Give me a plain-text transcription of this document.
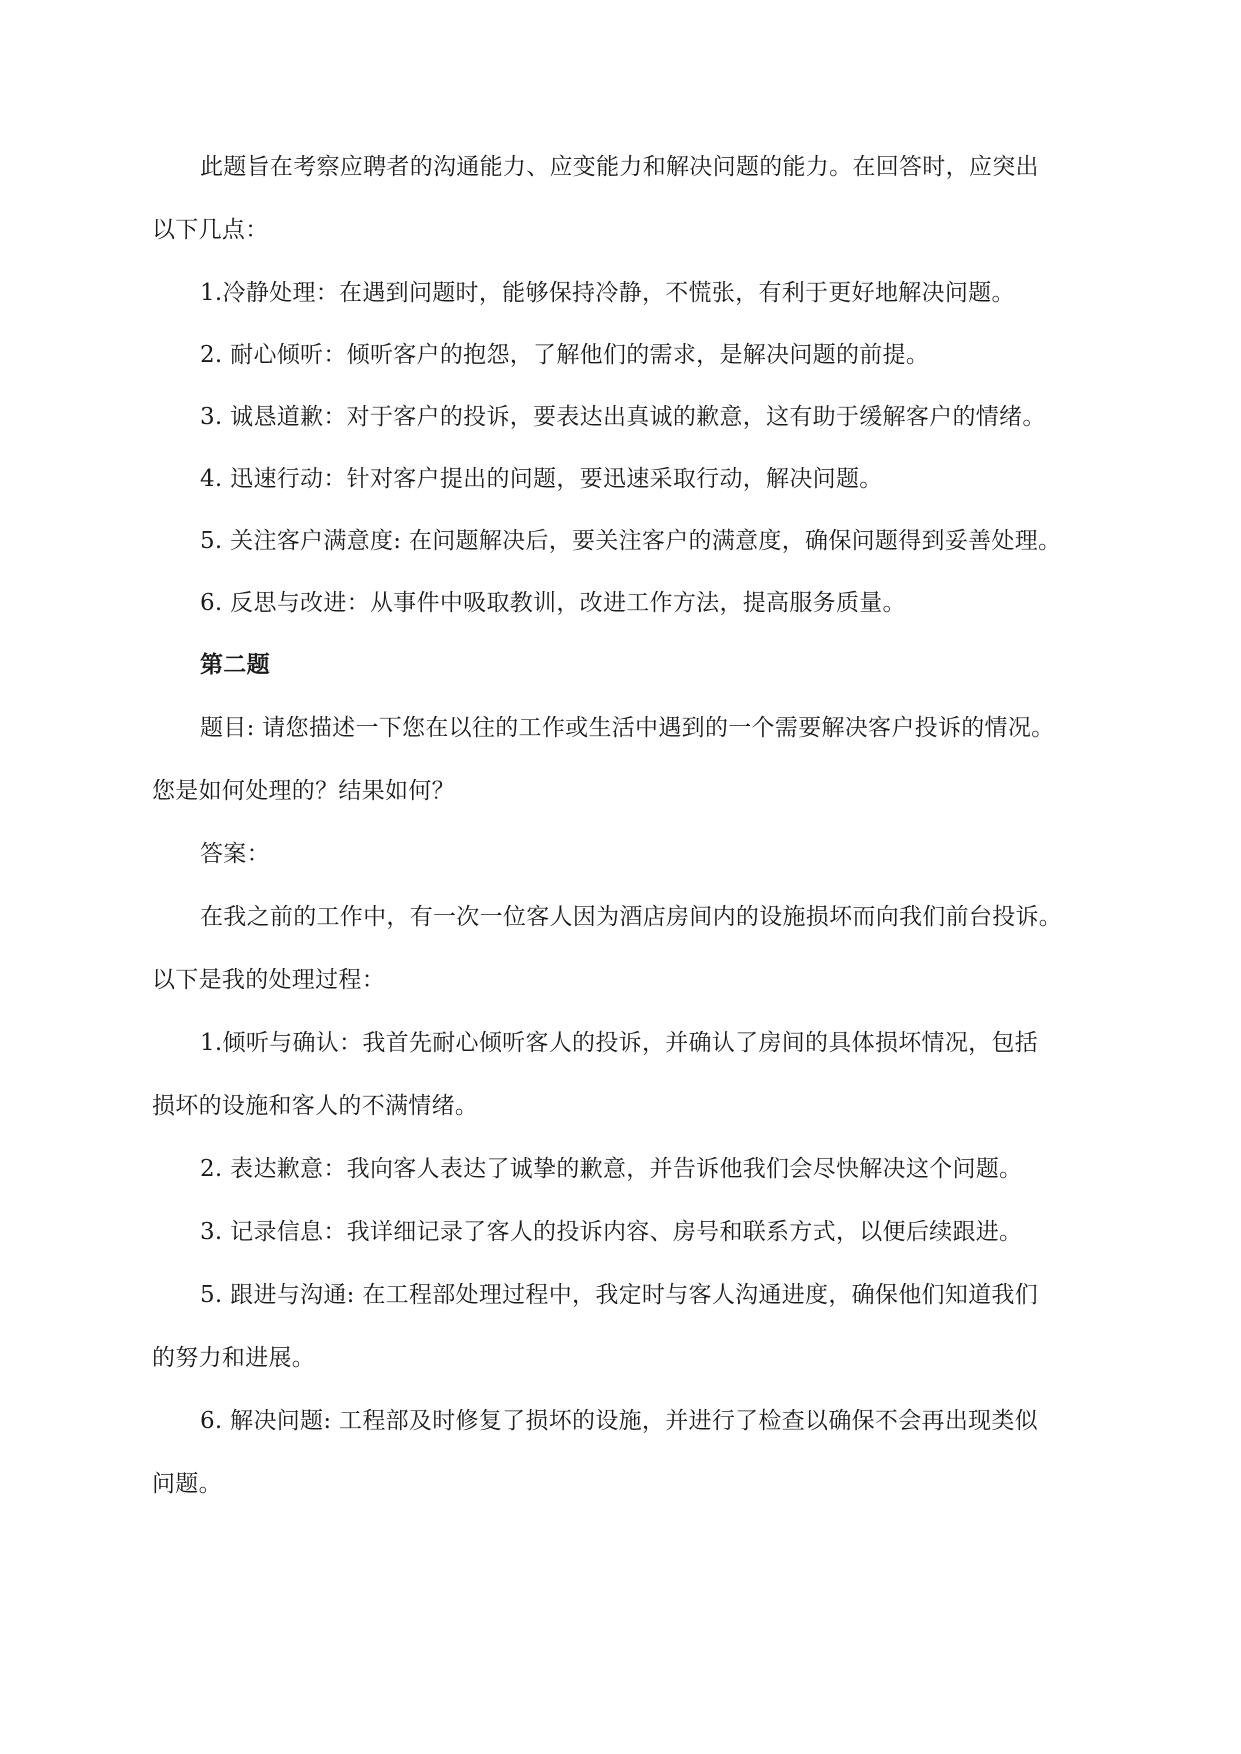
此题旨在考察应聘者的沟通能力、应变能力和解决问题的能力。在回答时，应突出
以下几点：
1.冷静处理：在遇到问题时，能够保持冷静，不慌张，有利于更好地解决问题。
2. 耐心倾听：倾听客户的抱怨，了解他们的需求，是解决问题的前提。
3. 诚恳道歉：对于客户的投诉，要表达出真诚的歉意，这有助于缓解客户的情绪。
4. 迅速行动：针对客户提出的问题，要迅速采取行动，解决问题。
5. 关注客户满意度: 在问题解决后，要关注客户的满意度，确保问题得到妥善处理。
6. 反思与改进：从事件中吸取教训，改进工作方法，提高服务质量。
第二题
题目: 请您描述一下您在以往的工作或生活中遇到的一个需要解决客户投诉的情况。
您是如何处理的？结果如何？
答案：
在我之前的工作中，有一次一位客人因为酒店房间内的设施损坏而向我们前台投诉。
以下是我的处理过程：
1.倾听与确认：我首先耐心倾听客人的投诉，并确认了房间的具体损坏情况，包括
损坏的设施和客人的不满情绪。
2. 表达歉意：我向客人表达了诚挚的歉意，并告诉他我们会尽快解决这个问题。
3. 记录信息：我详细记录了客人的投诉内容、房号和联系方式，以便后续跟进。
5. 跟进与沟通: 在工程部处理过程中，我定时与客人沟通进度，确保他们知道我们
的努力和进展。
6. 解决问题: 工程部及时修复了损坏的设施，并进行了检查以确保不会再出现类似
问题。
